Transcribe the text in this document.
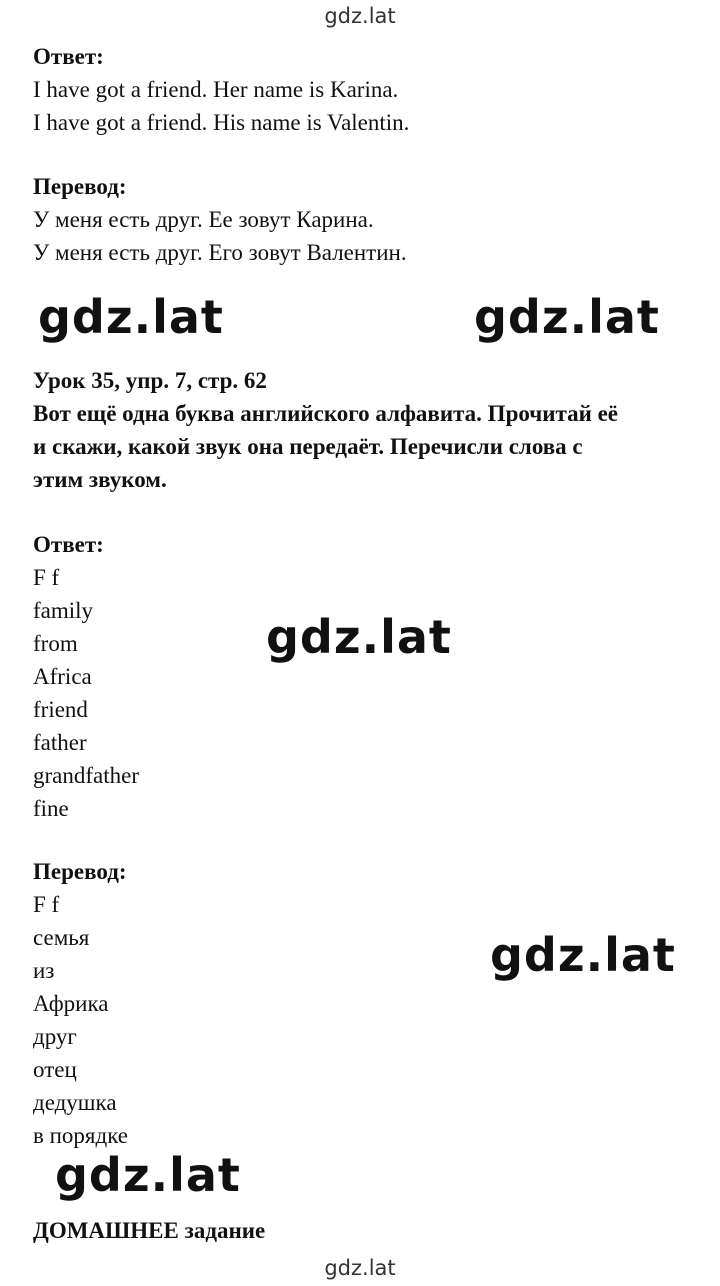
gdz.lat
Ответ:
I have got a friend. Her name is Karina.
I have got a friend. His name is Valentin.
Перевод:
У меня есть друг. Ее зовут Карина.
У меня есть друг. Его зовут Валентин.
gdz.lat	gdz.lat
Урок 35, упр. 7, стр. 62
Вот ещё одна буква английского алфавита. Прочитай её
и скажи, какой звук она передаёт. Перечисли слова с
этим звуком.
Ответ:
F f
family
from
Africa
friend
father
grandfather
fine
gdz.lat
Перевод:
F f
семья
из
Африка
друг
отец
дедушка
в порядке
gdz.lat
gdz.lat
ДОМАШНЕЕ задание
gdz.lat
